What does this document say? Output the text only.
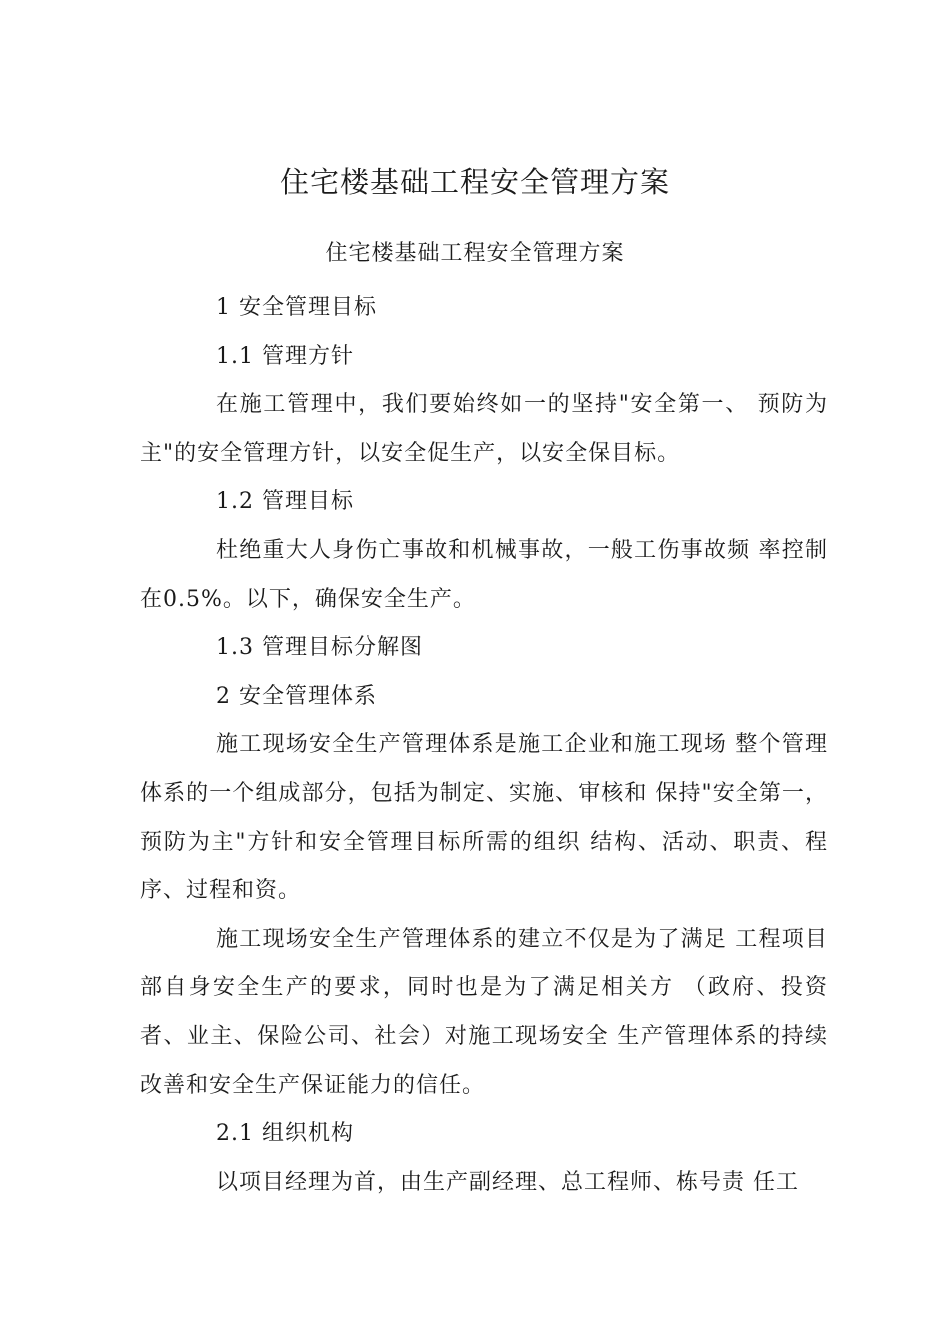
住宅楼基础工程安全管理方案
住宅楼基础工程安全管理方案

1 安全管理目标

1.1 管理方针

在施工管理中，我们要始终如一的坚持"安全第一、 预防为主"的安全管理方针，以安全促生产，以安全保目标。

1.2 管理目标

杜绝重大人身伤亡事故和机械事故，一般工伤事故频 率控制在0.5%。以下，确保安全生产。

1.3 管理目标分解图

2 安全管理体系

施工现场安全生产管理体系是施工企业和施工现场 整个管理体系的一个组成部分，包括为制定、实施、审核和 保持"安全第一，预防为主"方针和安全管理目标所需的组织 结构、活动、职责、程序、过程和资。

施工现场安全生产管理体系的建立不仅是为了满足 工程项目部自身安全生产的要求，同时也是为了满足相关方 （政府、投资者、业主、保险公司、社会）对施工现场安全 生产管理体系的持续改善和安全生产保证能力的信任。

2.1 组织机构

以项目经理为首，由生产副经理、总工程师、栋号责 任工
